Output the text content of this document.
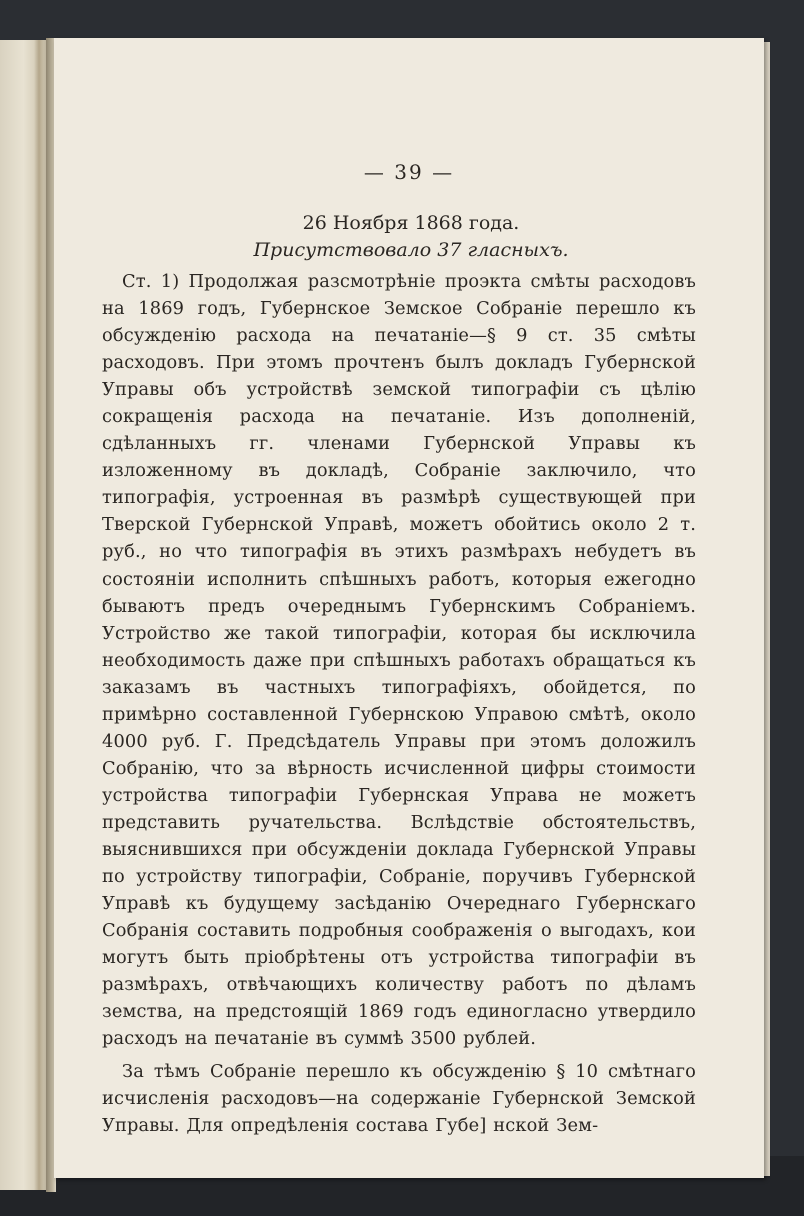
— 39 —

26 Ноября 1868 года.

Присутствовало 37 гласныхъ.

Ст. 1) Продолжая разсмотрѣніе проэкта смѣты расходовъ на 1869 годъ, Губернское Земское Собраніе перешло къ обсужденію расхода на печатаніе—§ 9 ст. 35 смѣты расходовъ. При этомъ прочтенъ былъ докладъ Губернской Управы объ устройствѣ земской типографіи съ цѣлію сокращенія расхода на печатаніе. Изъ дополненій, сдѣланныхъ гг. членами Губернской Управы къ изложенному въ докладѣ, Собраніе заключило, что типографія, устроенная въ размѣрѣ существующей при Тверской Губернской Управѣ, можетъ обойтись около 2 т. руб., но что типографія въ этихъ размѣрахъ небудетъ въ состояніи исполнить спѣшныхъ работъ, которыя ежегодно бываютъ предъ очереднымъ Губернскимъ Собраніемъ. Устройство же такой типографіи, которая бы исключила необходимость даже при спѣшныхъ работахъ обращаться къ заказамъ въ частныхъ типографіяхъ, обойдется, по примѣрно составленной Губернскою Управою смѣтѣ, около 4000 руб. Г. Предсѣдатель Управы при этомъ доложилъ Собранію, что за вѣрность исчисленной цифры стоимости устройства типографіи Губернская Управа не можетъ представить ручательства. Вслѣдствіе обстоятельствъ, выяснившихся при обсужденіи доклада Губернской Управы по устройству типографіи, Собраніе, поручивъ Губернской Управѣ къ будущему засѣданію Очереднаго Губернскаго Собранія составить подробныя соображенія о выгодахъ, кои могутъ быть пріобрѣтены отъ устройства типографіи въ размѣрахъ, отвѣчающихъ количеству работъ по дѣламъ земства, на предстоящій 1869 годъ единогласно утвердило расходъ на печатаніе въ суммѣ 3500 рублей.

За тѣмъ Собраніе перешло къ обсужденію § 10 смѣтнаго исчисленія расходовъ—на содержаніе Губернской Земской Управы. Для опредѣленія состава Губе] нской Зем-
